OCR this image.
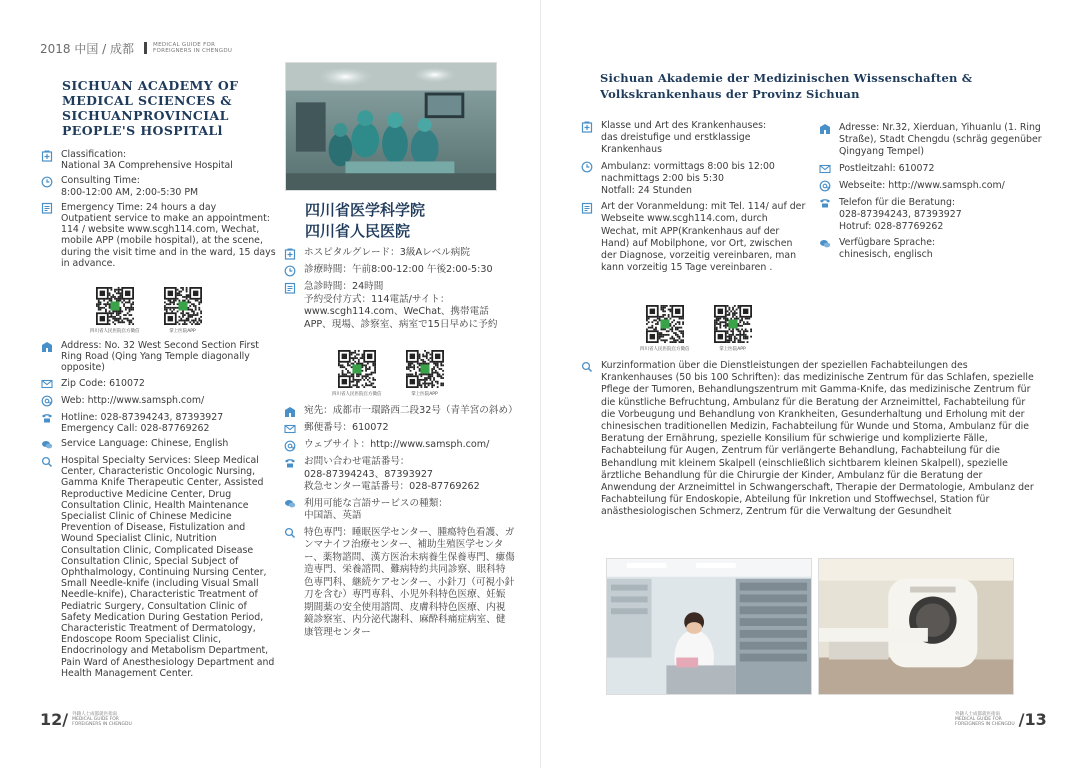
2018 中国 / 成都	MEDICAL GUIDE FOR
FOREIGNERS IN CHENGDU
SICHUAN ACADEMY OF
MEDICAL SCIENCES &
SICHUANPROVINCIAL
PEOPLE'S HOSPITALl
Classification:
National 3A Comprehensive Hospital
Consulting Time:
8:00-12:00 AM, 2:00-5:30 PM
Emergency Time: 24 hours a day
Outpatient service to make an appointment: 114 / website www.scgh114.com, Wechat, mobile APP (mobile hospital), at the scene, during the visit time and in the ward, 15 days in advance.
四川省人民医院官方微信	掌上医院APP
Address: No. 32 West Second Section First Ring Road (Qing Yang Temple diagonally opposite)
Zip Code: 610072
Web: http://www.samsph.com/
Hotline: 028-87394243, 87393927
Emergency Call: 028-87769262
Service Language: Chinese, English
Hospital Specialty Services: Sleep Medical Center, Characteristic Oncologic Nursing, Gamma Knife Therapeutic Center, Assisted Reproductive Medicine Center, Drug Consultation Clinic, Health Maintenance Specialist Clinic of Chinese Medicine Prevention of Disease, Fistulization and Wound Specialist Clinic, Nutrition Consultation Clinic, Complicated Disease Consultation Clinic, Special Subject of Ophthalmology, Continuing Nursing Center, Small Needle-knife (including Visual Small Needle-knife), Characteristic Treatment of Pediatric Surgery, Consultation Clinic of Safety Medication During Gestation Period, Characteristic Treatment of Dermatology, Endoscope Room Specialist Clinic, Endocrinology and Metabolism Department, Pain Ward of Anesthesiology Department and Health Management Center.
四川省医学科学院
四川省人民医院
ホスピタルグレード：3級Aレベル病院
診療時間：午前8:00-12:00 午後2:00-5:30
急診時間：24時間
予約受付方式：114電話/サイト：www.scgh114.com、WeChat、携帯電話APP、現場、診察室、病室で15日早めに予約
四川省人民医院官方微信	掌上医院APP
宛先：成都市一環路西二段32号（青羊宮の斜め）
郵便番号：610072
ウェブサイト：http://www.samsph.com/
お問い合わせ電話番号：
028-87394243、87393927
救急センター電話番号：028-87769262
利用可能な言語サービスの種類：
中国語、英語
特色専門：睡眠医学センター、腫瘍特色看護、ガンマナイフ治療センター、補助生殖医学センター、薬物諮問、漢方医治未病養生保養専門、瘻傷造専門、栄養諮問、難病特約共同診察、眼科特色専門科、継続ケアセンター、小針刀（可視小針刀を含む）専門専科、小児外科特色医療、妊娠期間薬の安全使用諮問、皮膚科特色医療、内視鏡診察室、内分泌代謝科、麻酔科痛症病室、健康管理センター
Sichuan Akademie der Medizinischen Wissenschaften &
Volkskrankenhaus der Provinz Sichuan
Klasse und Art des Krankenhauses:
das dreistufige und erstklassige Krankenhaus
Ambulanz: vormittags 8:00 bis 12:00
nachmittags 2:00 bis 5:30
Notfall: 24 Stunden
Art der Voranmeldung: mit Tel. 114/ auf der Webseite www.scgh114.com, durch Wechat, mit APP(Krankenhaus auf der Hand) auf Mobilphone, vor Ort, zwischen der Diagnose, vorzeitig vereinbaren, man kann vorzeitig 15 Tage vereinbaren .
Adresse: Nr.32, Xierduan, Yihuanlu (1. Ring Straße), Stadt Chengdu (schräg gegenüber Qingyang Tempel)
Postleitzahl: 610072
Webseite: http://www.samsph.com/
Telefon für die Beratung:
028-87394243, 87393927
Hotruf: 028-87769262
Verfügbare Sprache:
chinesisch, englisch
四川省人民医院官方微信	掌上医院APP
Kurzinformation über die Dienstleistungen der speziellen Fachabteilungen des Krankenhauses (50 bis 100 Schriften): das medizinische Zentrum für das Schlafen, spezielle Pflege der Tumoren, Behandlungszentrum mit Gamma-Knife, das medizinische Zentrum für die künstliche Befruchtung, Ambulanz für die Beratung der Arzneimittel, Fachabteilung für die Vorbeugung und Behandlung von Krankheiten, Gesunderhaltung und Erholung mit der chinesischen traditionellen Medizin, Fachabteilung für Wunde und Stoma, Ambulanz für die Beratung der Ernährung, spezielle Konsilium für schwierige und komplizierte Fälle, Fachabteilung für Augen, Zentrum für verlängerte Behandlung, Fachabteilung für die Behandlung mit kleinem Skalpell (einschließlich sichtbarem kleinen Skalpell), spezielle ärztliche Behandlung für die Chirurgie der Kinder, Ambulanz für die Beratung der Anwendung der Arzneimittel in Schwangerschaft, Therapie der Dermatologie, Ambulanz der Fachabteilung für Endoskopie, Abteilung für Inkretion und Stoffwechsel, Station für anästhesiologischen Schmerz, Zentrum für die Verwaltung der Gesundheit
12/ 外籍人士成都就医指南
MEDICAL GUIDE FOR
FOREIGNERS IN CHENGDU
外籍人士成都就医指南
MEDICAL GUIDE FOR
FOREIGNERS IN CHENGDU /13
